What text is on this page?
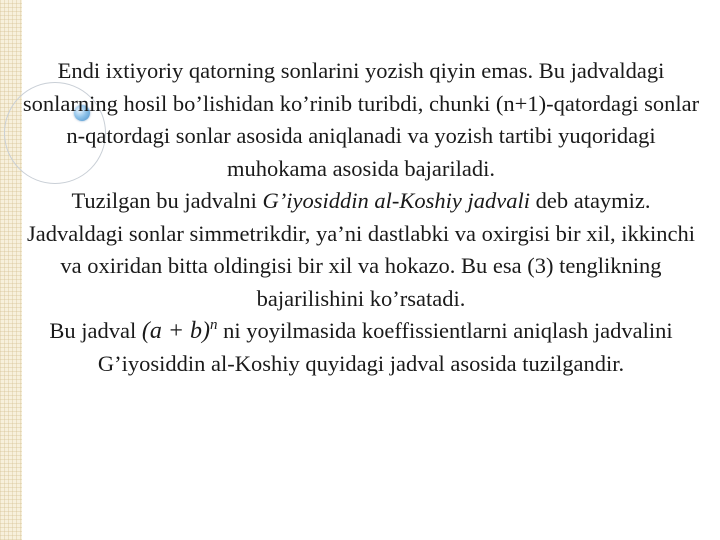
Endi ixtiyoriy qatorning sonlarini yozish qiyin emas. Bu jadvaldagi sonlarning hosil bo’lishidan ko’rinib turibdi, chunki (n+1)-qatordagi sonlar n-qatordagi sonlar asosida aniqlanadi va yozish tartibi yuqoridagi muhokama asosida bajariladi.

Tuzilgan bu jadvalni G’iyosiddin al-Koshiy jadvali deb ataymiz.

Jadvaldagi sonlar simmetrikdir, ya’ni dastlabki va oxirgisi bir xil, ikkinchi va oxiridan bitta oldingisi bir xil va hokazo. Bu esa (3) tenglikning bajarilishini ko’rsatadi.

Bu jadval $(a + b)^n$ ni yoyilmasida koeffissientlarni aniqlash jadvalini G’iyosiddin al-Koshiy quyidagi jadval asosida tuzilgandir.
